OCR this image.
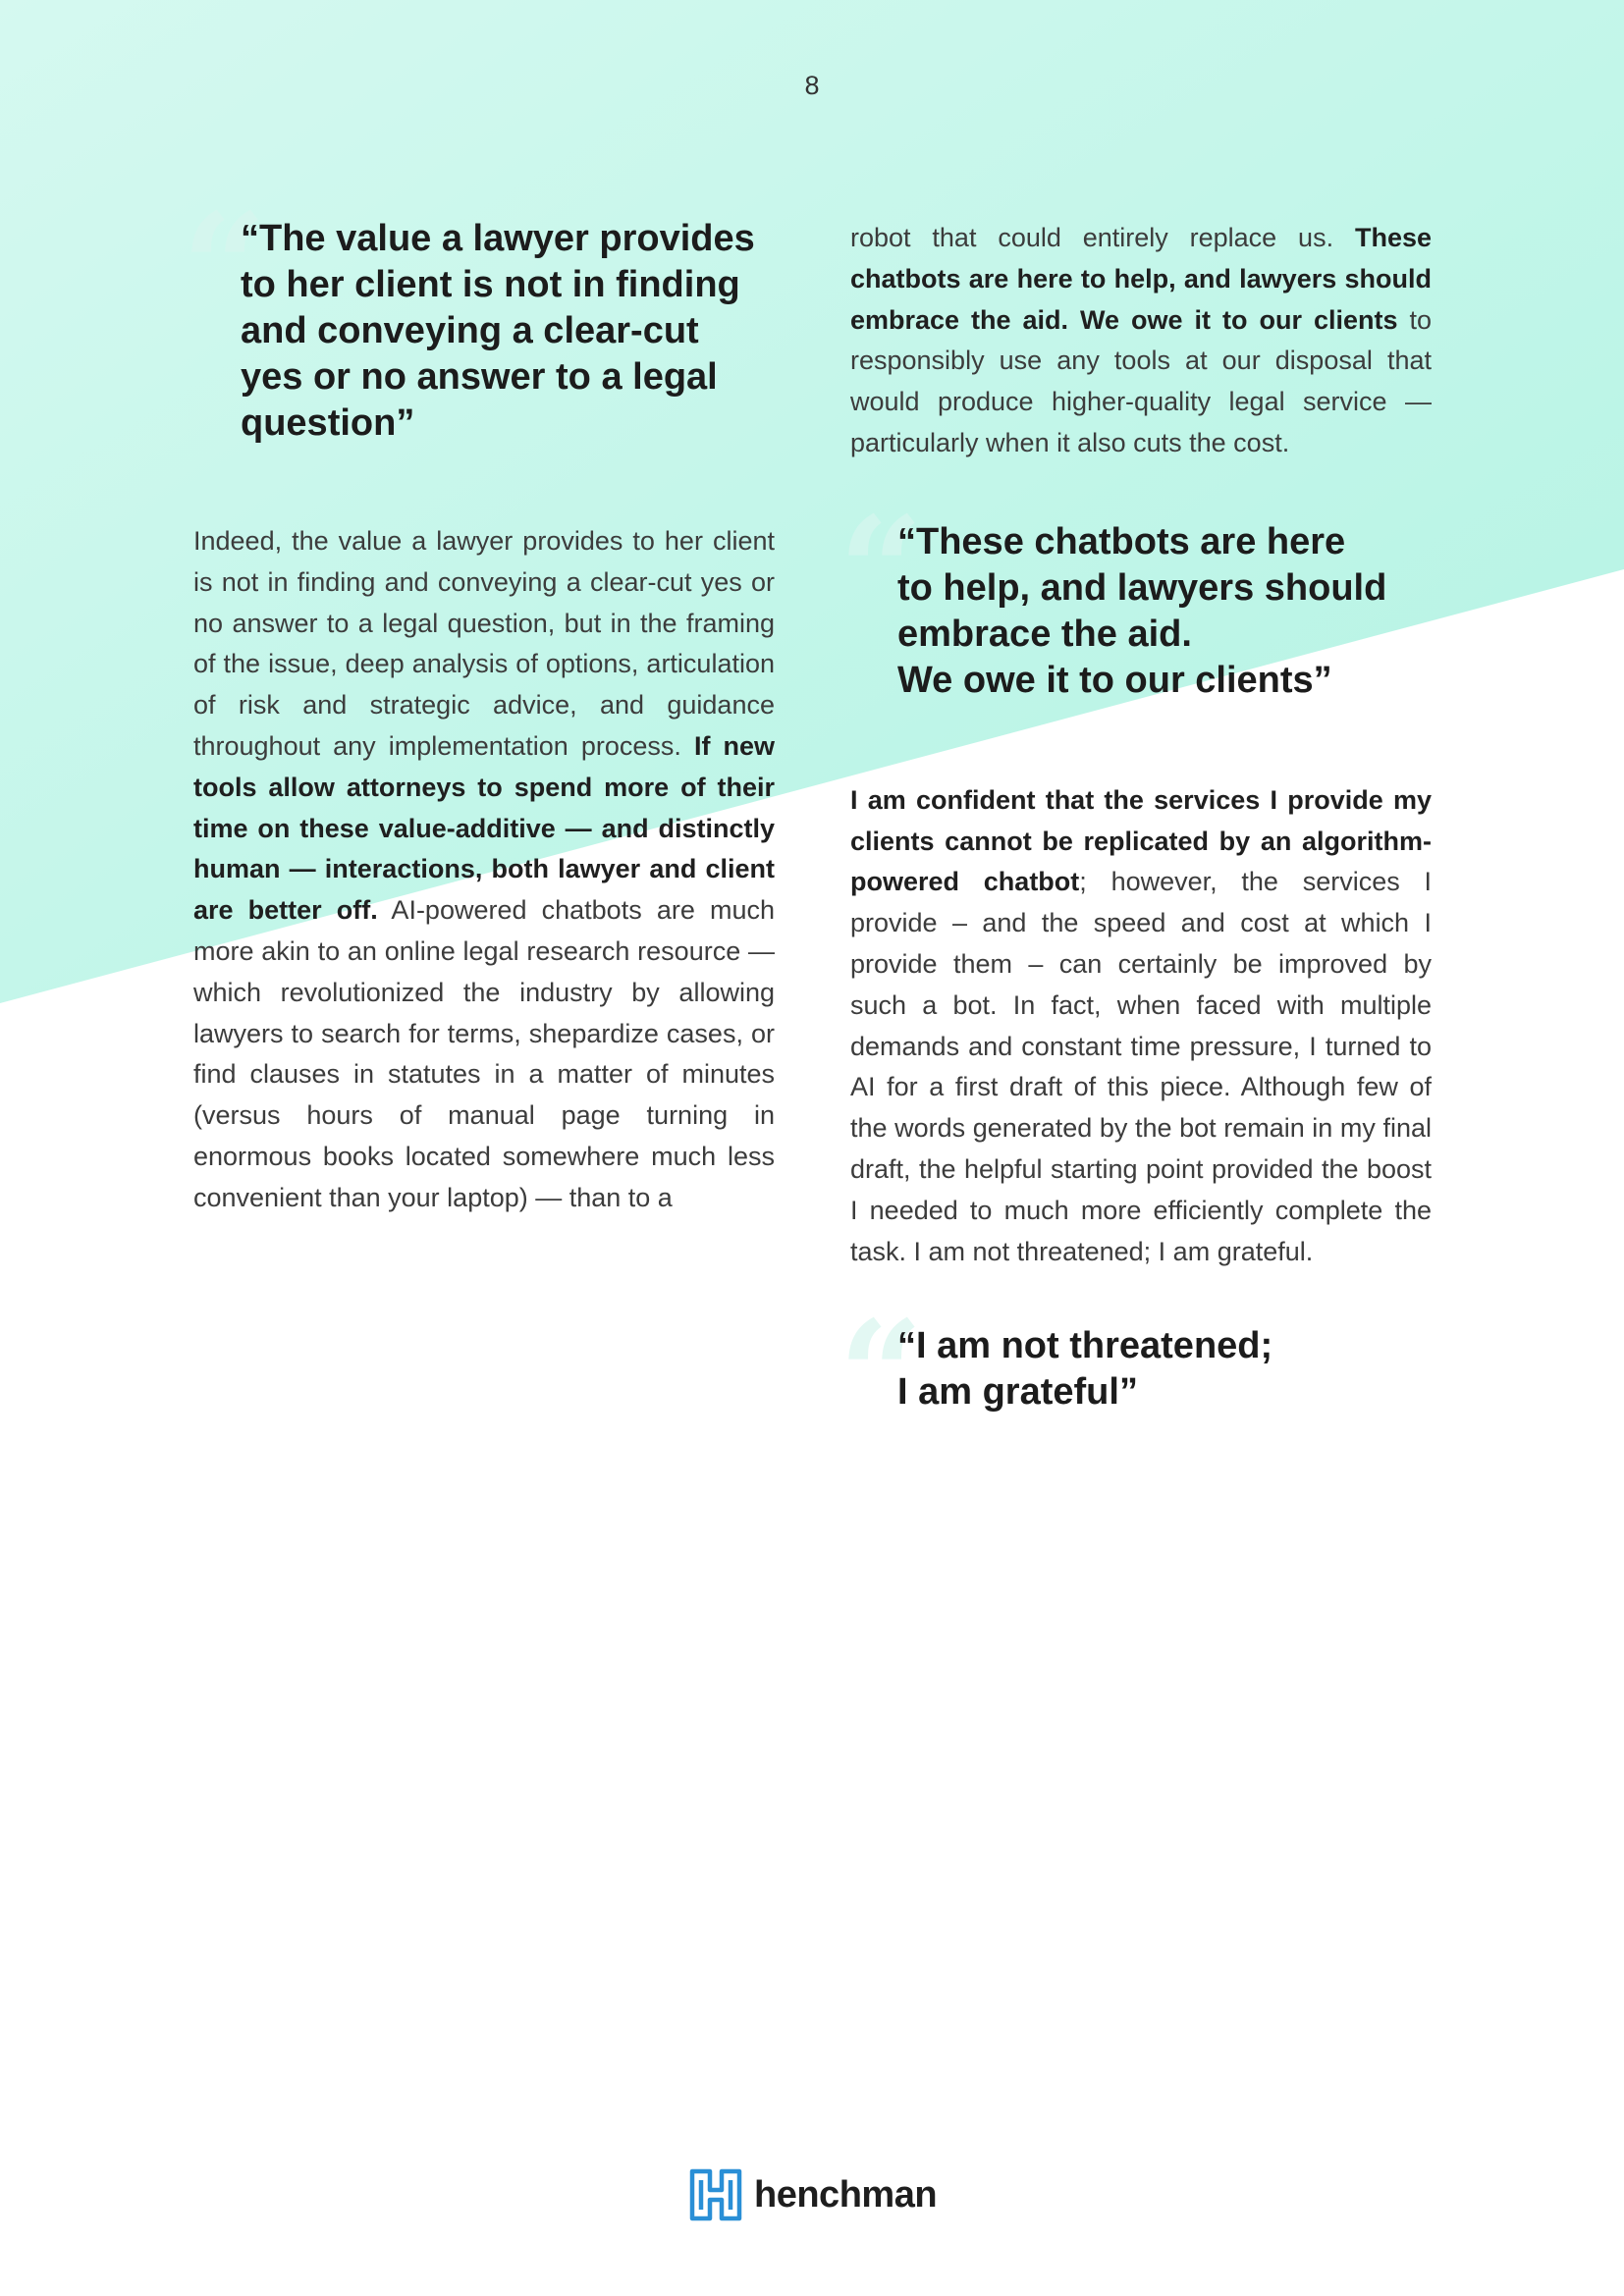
8
“
“The value a lawyer provides
to her client is not in finding
and conveying a clear-cut
yes or no answer to a legal
question”

Indeed, the value a lawyer provides to her client is not in finding and conveying a clear-cut yes or no answer to a legal question, but in the framing of the issue, deep analysis of options, articulation of risk and strategic advice, and guidance throughout any implementation process. If new tools allow attorneys to spend more of their time on these value-additive — and distinctly human — interactions, both lawyer and client are better off. AI-powered chatbots are much more akin to an online legal research resource — which revolutionized the industry by allowing lawyers to search for terms, shepardize cases, or find clauses in statutes in a matter of minutes (versus hours of manual page turning in enormous books located somewhere much less convenient than your laptop) — than to a

robot that could entirely replace us. These chatbots are here to help, and lawyers should embrace the aid. We owe it to our clients to responsibly use any tools at our disposal that would produce higher-quality legal service — particularly when it also cuts the cost.

“
“These chatbots are here
to help, and lawyers should
embrace the aid.
We owe it to our clients”

I am confident that the services I provide my clients cannot be replicated by an algorithm-powered chatbot; however, the services I provide – and the speed and cost at which I provide them – can certainly be improved by such a bot. In fact, when faced with multiple demands and constant time pressure, I turned to AI for a first draft of this piece. Although few of the words generated by the bot remain in my final draft, the helpful starting point provided the boost I needed to much more efficiently complete the task. I am not threatened; I am grateful.

“
“I am not threatened;
I am grateful”
henchman
